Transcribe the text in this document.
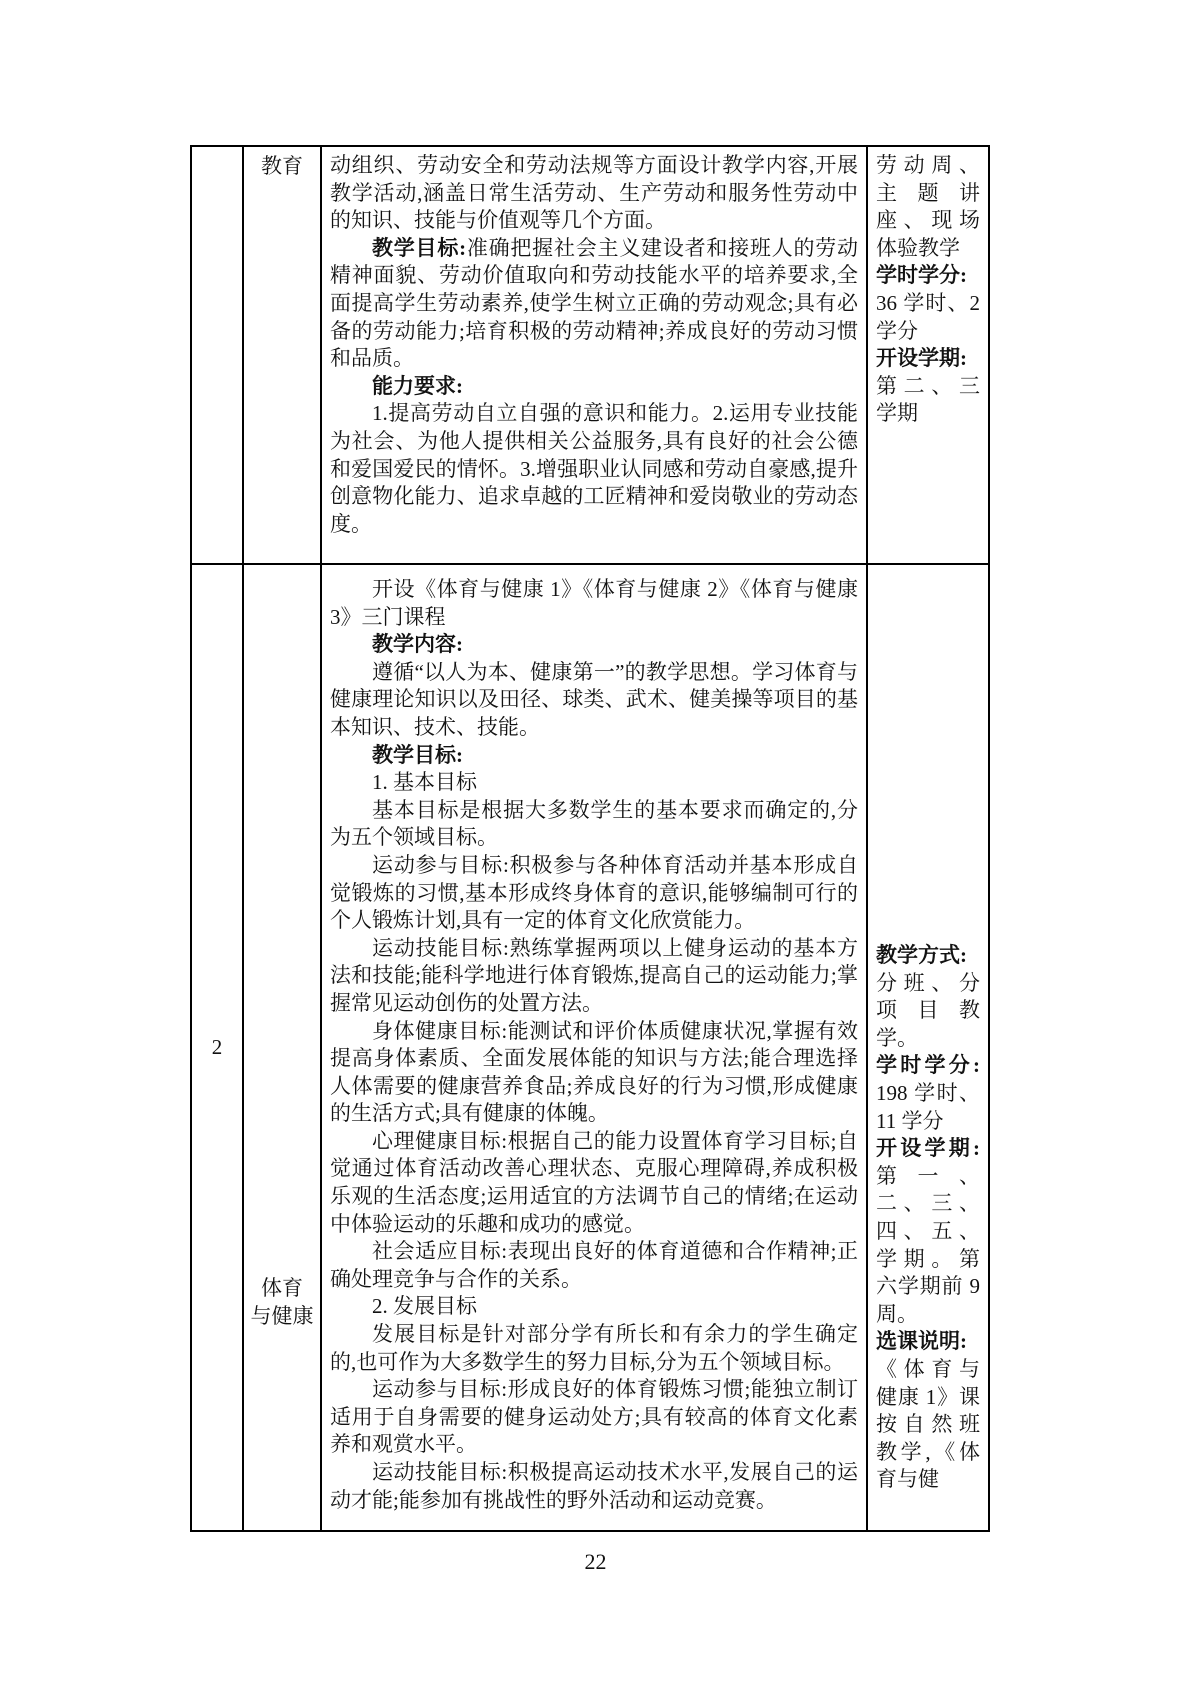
教育	动组织、劳动安全和劳动法规等方面设计教学内容,开展教学活动,涵盖日常生活劳动、生产劳动和服务性劳动中的知识、技能与价值观等几个方面。

教学目标:准确把握社会主义建设者和接班人的劳动精神面貌、劳动价值取向和劳动技能水平的培养要求,全面提高学生劳动素养,使学生树立正确的劳动观念;具有必备的劳动能力;培育积极的劳动精神;养成良好的劳动习惯和品质。

能力要求:

1.提高劳动自立自强的意识和能力。2.运用专业技能为社会、为他人提供相关公益服务,具有良好的社会公德和爱国爱民的情怀。3.增强职业认同感和劳动自豪感,提升创意物化能力、追求卓越的工匠精神和爱岗敬业的劳动态度。

劳动周、主题讲座、现场体验教学

学时学分:

36 学时、2 学分

开设学期:

第二、三学期

2
体育
与健康

开设《体育与健康 1》《体育与健康 2》《体育与健康 3》三门课程

教学内容:

遵循“以人为本、健康第一”的教学思想。学习体育与健康理论知识以及田径、球类、武术、健美操等项目的基本知识、技术、技能。

教学目标:

1. 基本目标

基本目标是根据大多数学生的基本要求而确定的,分为五个领域目标。

运动参与目标:积极参与各种体育活动并基本形成自觉锻炼的习惯,基本形成终身体育的意识,能够编制可行的个人锻炼计划,具有一定的体育文化欣赏能力。

运动技能目标:熟练掌握两项以上健身运动的基本方法和技能;能科学地进行体育锻炼,提高自己的运动能力;掌握常见运动创伤的处置方法。

身体健康目标:能测试和评价体质健康状况,掌握有效提高身体素质、全面发展体能的知识与方法;能合理选择人体需要的健康营养食品;养成良好的行为习惯,形成健康的生活方式;具有健康的体魄。

心理健康目标:根据自己的能力设置体育学习目标;自觉通过体育活动改善心理状态、克服心理障碍,养成积极乐观的生活态度;运用适宜的方法调节自己的情绪;在运动中体验运动的乐趣和成功的感觉。

社会适应目标:表现出良好的体育道德和合作精神;正确处理竞争与合作的关系。

2. 发展目标

发展目标是针对部分学有所长和有余力的学生确定的,也可作为大多数学生的努力目标,分为五个领域目标。

运动参与目标:形成良好的体育锻炼习惯;能独立制订适用于自身需要的健身运动处方;具有较高的体育文化素养和观赏水平。

运动技能目标:积极提高运动技术水平,发展自己的运动才能;能参加有挑战性的野外活动和运动竞赛。

教学方式:

分班、分项目教学。

学时学分: 198 学时、11 学分

开设学期: 第一、二、三、四、五、学期。第六学期前 9 周。

选课说明:

《体育与健康 1》课按自然班教学,《体育与健

22
